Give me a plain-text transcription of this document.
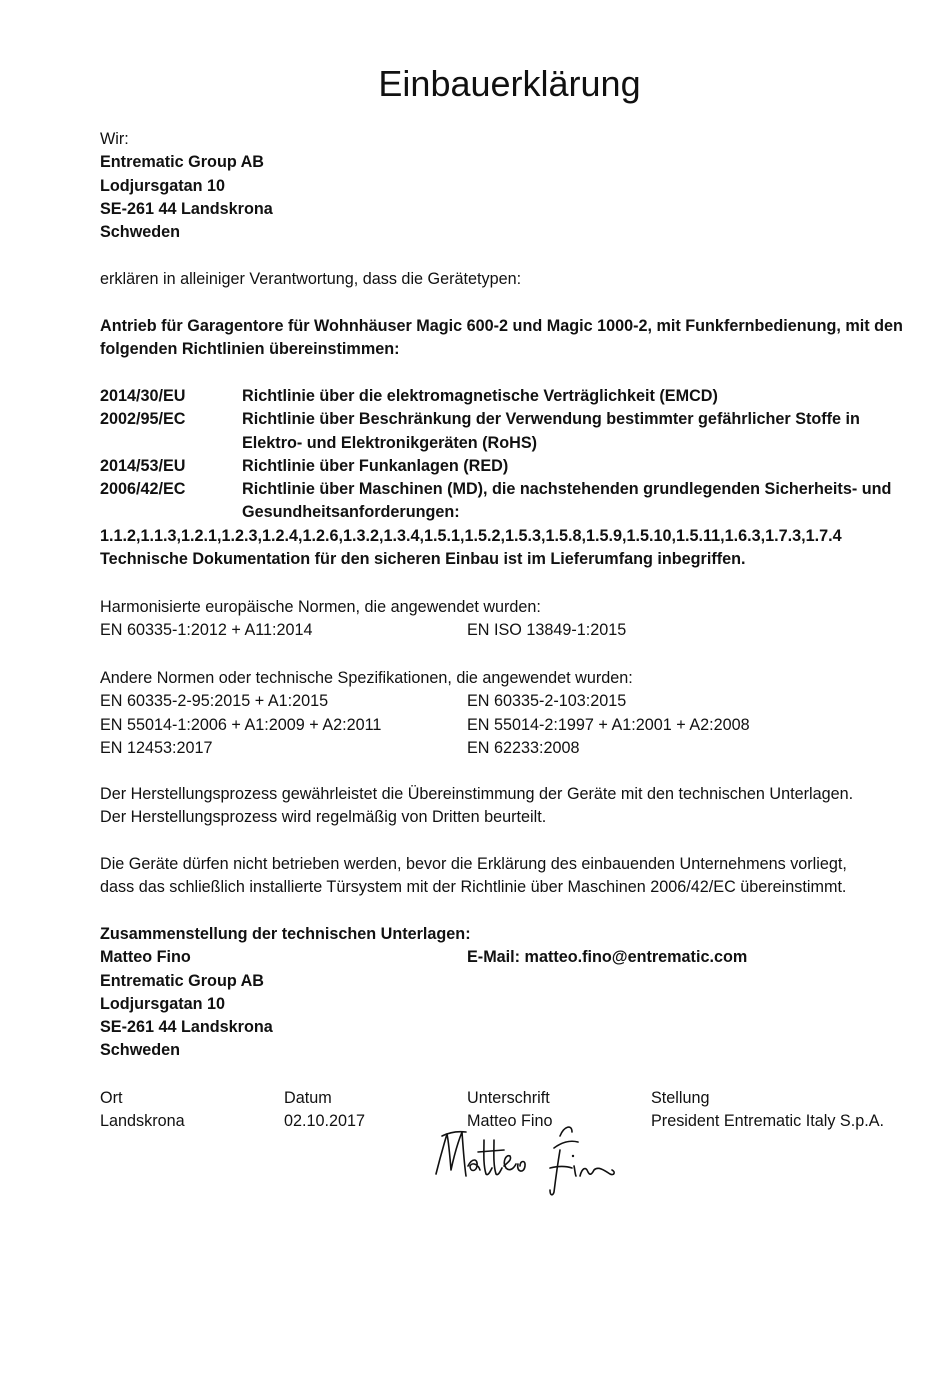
Einbauerklärung
Wir:
Entrematic Group AB
Lodjursgatan 10
SE-261 44 Landskrona
Schweden
erklären in alleiniger Verantwortung, dass die Gerätetypen:
Antrieb für Garagentore für Wohnhäuser Magic 600-2 und Magic 1000-2, mit Funkfernbedienung, mit den folgenden Richtlinien übereinstimmen:
2014/30/EU	Richtlinie über die elektromagnetische Verträglichkeit (EMCD)
2002/95/EC	Richtlinie über Beschränkung der Verwendung bestimmter gefährlicher Stoffe in Elektro- und Elektronikgeräten (RoHS)
2014/53/EU	Richtlinie über Funkanlagen (RED)
2006/42/EC	Richtlinie über Maschinen (MD), die nachstehenden grundlegenden Sicherheits- und Gesundheitsanforderungen:
1.1.2,1.1.3,1.2.1,1.2.3,1.2.4,1.2.6,1.3.2,1.3.4,1.5.1,1.5.2,1.5.3,1.5.8,1.5.9,1.5.10,1.5.11,1.6.3,1.7.3,1.7.4
Technische Dokumentation für den sicheren Einbau ist im Lieferumfang inbegriffen.
Harmonisierte europäische Normen, die angewendet wurden:
EN 60335-1:2012 + A11:2014	EN ISO 13849-1:2015
Andere Normen oder technische Spezifikationen, die angewendet wurden:
EN 60335-2-95:2015 + A1:2015	EN 60335-2-103:2015
EN 55014-1:2006 + A1:2009 + A2:2011	EN 55014-2:1997 + A1:2001 + A2:2008
EN 12453:2017	EN 62233:2008
Der Herstellungsprozess gewährleistet die Übereinstimmung der Geräte mit den technischen Unterlagen.
Der Herstellungsprozess wird regelmäßig von Dritten beurteilt.
Die Geräte dürfen nicht betrieben werden, bevor die Erklärung des einbauenden Unternehmens vorliegt,
dass das schließlich installierte Türsystem mit der Richtlinie über Maschinen 2006/42/EC übereinstimmt.
Zusammenstellung der technischen Unterlagen:
Matteo Fino	E-Mail: matteo.fino@entrematic.com
Entrematic Group AB
Lodjursgatan 10
SE-261 44 Landskrona
Schweden
Ort	Datum	Unterschrift	Stellung
Landskrona	02.10.2017	Matteo Fino	President Entrematic Italy S.p.A.
